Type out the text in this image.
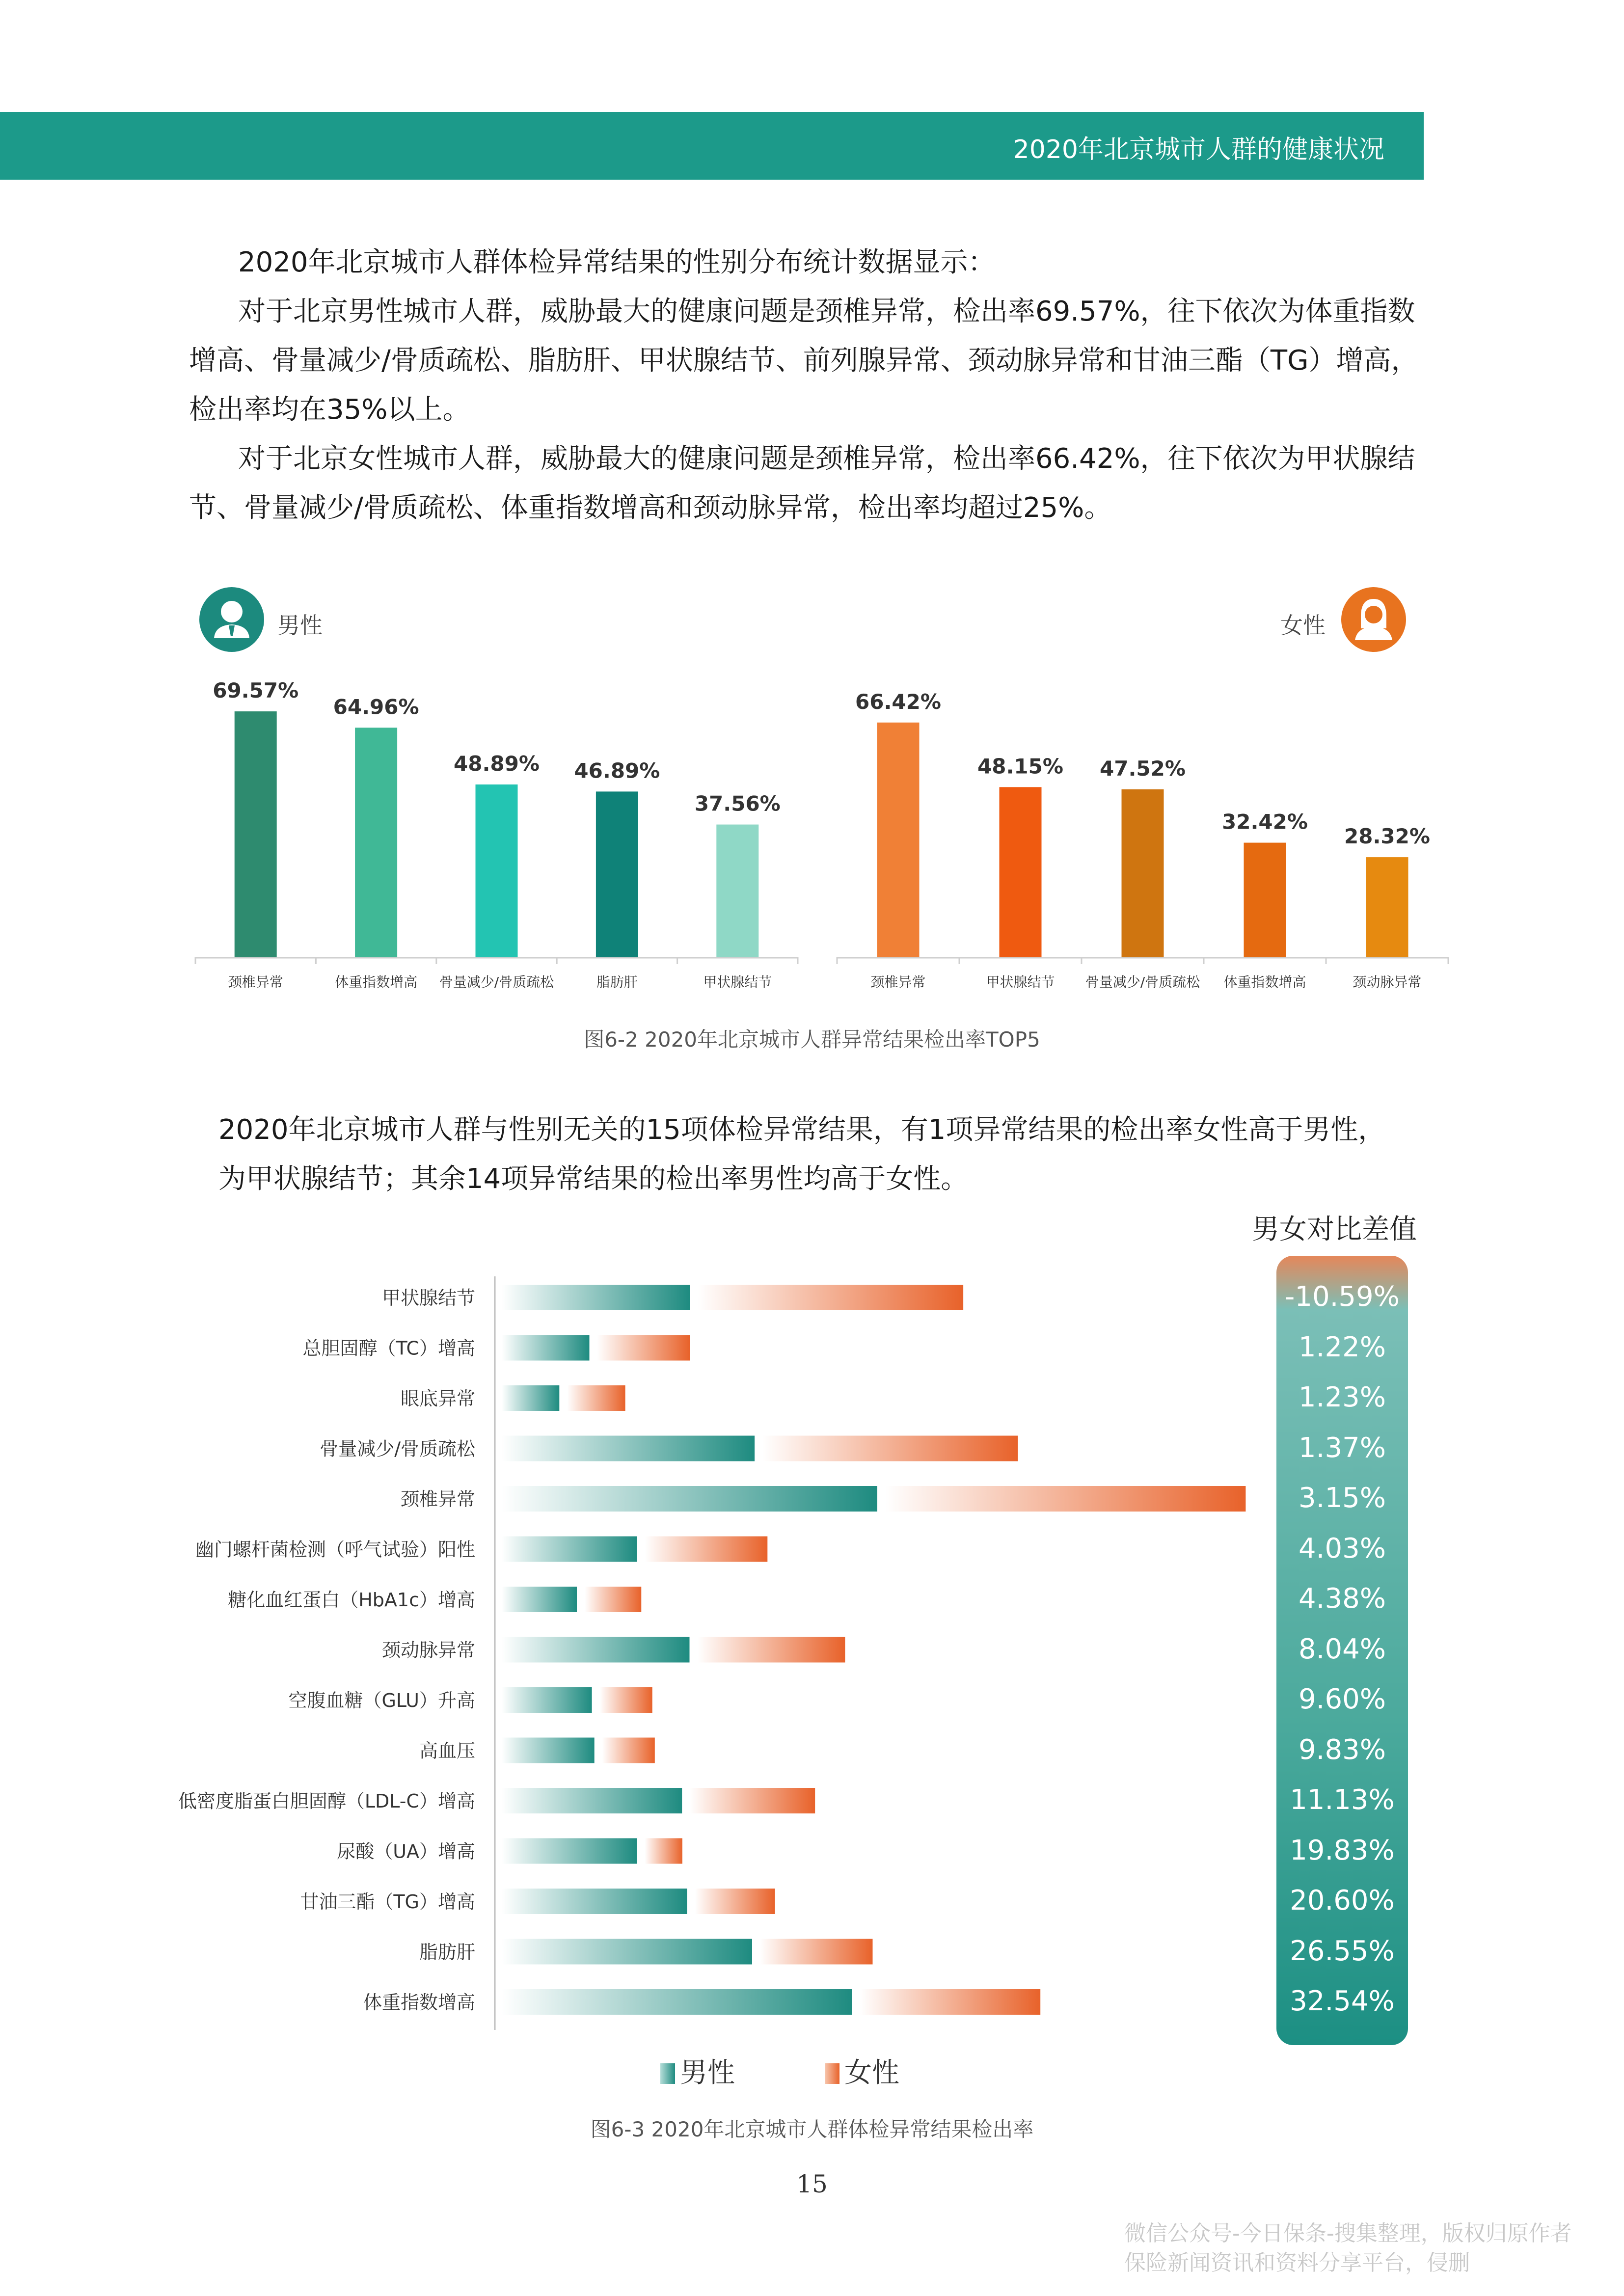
2020年北京城市人群的健康状况

2020年北京城市人群体检异常结果的性别分布统计数据显示：

对于北京男性城市人群，威胁最大的健康问题是颈椎异常，检出率69.57%，往下依次为体重指数增高、骨量减少/骨质疏松、脂肪肝、甲状腺结节、前列腺异常、颈动脉异常和甘油三酯（TG）增高，检出率均在35%以上。

对于北京女性城市人群，威胁最大的健康问题是颈椎异常，检出率66.42%，往下依次为甲状腺结节、骨量减少/骨质疏松、体重指数增高和颈动脉异常，检出率均超过25%。

男性	女性
69.57%
颈椎异常
64.96%
体重指数增高
48.89%
骨量减少/骨质疏松
46.89%
脂肪肝
37.56%
甲状腺结节
66.42%
颈椎异常
48.15%
甲状腺结节
47.52%
骨量减少/骨质疏松
32.42%
体重指数增高
28.32%
颈动脉异常
图6-2 2020年北京城市人群异常结果检出率TOP5

2020年北京城市人群与性别无关的15项体检异常结果，有1项异常结果的检出率女性高于男性，

为甲状腺结节；其余14项异常结果的检出率男性均高于女性。

男女对比差值
-10.59%
1.22%
1.23%
1.37%
3.15%
4.03%
4.38%
8.04%
9.60%
9.83%
11.13%
19.83%
20.60%
26.55%
32.54%
甲状腺结节
总胆固醇（TC）增高
眼底异常
骨量减少/骨质疏松
颈椎异常
幽门螺杆菌检测（呼气试验）阳性
糖化血红蛋白（HbA1c）增高
颈动脉异常
空腹血糖（GLU）升高
高血压
低密度脂蛋白胆固醇（LDL-C）增高
尿酸（UA）增高
甘油三酯（TG）增高
脂肪肝
体重指数增高
男性	女性
图6-3 2020年北京城市人群体检异常结果检出率
15
微信公众号-今日保条-搜集整理，版权归原作者
保险新闻资讯和资料分享平台，侵删
